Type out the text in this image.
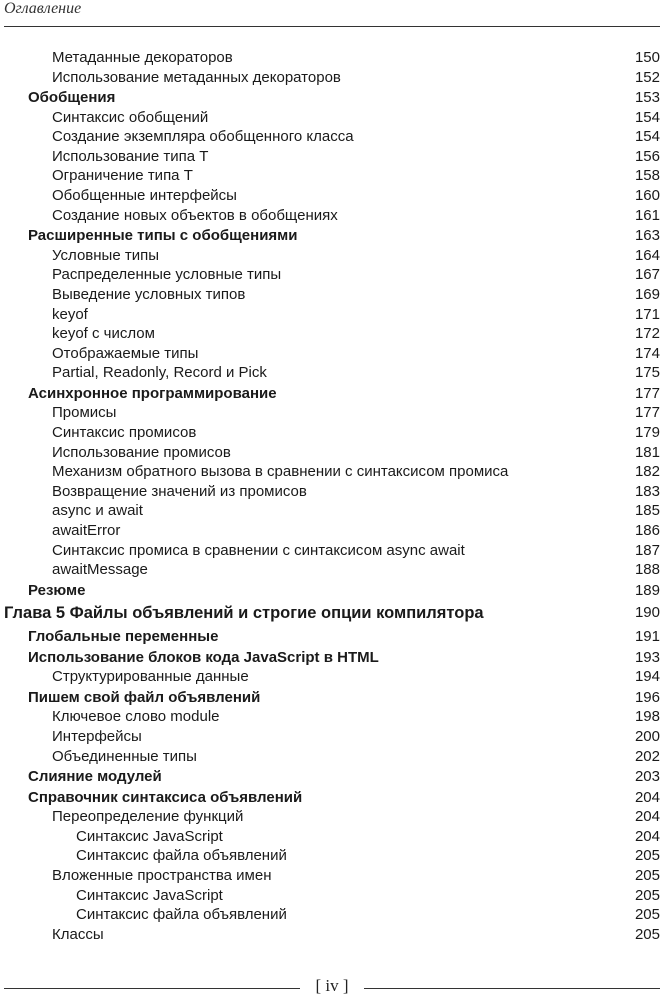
Оглавление
Метаданные декораторов	150
Использование метаданных декораторов	152
Обобщения	153
Синтаксис обобщений	154
Создание экземпляра обобщенного класса	154
Использование типа T	156
Ограничение типа T	158
Обобщенные интерфейсы	160
Создание новых объектов в обобщениях	161
Расширенные типы с обобщениями	163
Условные типы	164
Распределенные условные типы	167
Выведение условных типов	169
keyof	171
keyof с числом	172
Отображаемые типы	174
Partial, Readonly, Record и Pick	175
Асинхронное программирование	177
Промисы	177
Синтаксис промисов	179
Использование промисов	181
Механизм обратного вызова в сравнении с синтаксисом промиса	182
Возвращение значений из промисов	183
async и await	185
awaitError	186
Синтаксис промиса в сравнении с синтаксисом async await	187
awaitMessage	188
Резюме	189
Глава 5 Файлы объявлений и строгие опции компилятора	190
Глобальные переменные	191
Использование блоков кода JavaScript в HTML	193
Структурированные данные	194
Пишем свой файл объявлений	196
Ключевое слово module	198
Интерфейсы	200
Объединенные типы	202
Слияние модулей	203
Справочник синтаксиса объявлений	204
Переопределение функций	204
Синтаксис JavaScript	204
Синтаксис файла объявлений	205
Вложенные пространства имен	205
Синтаксис JavaScript	205
Синтаксис файла объявлений	205
Классы	205
[ iv ]
